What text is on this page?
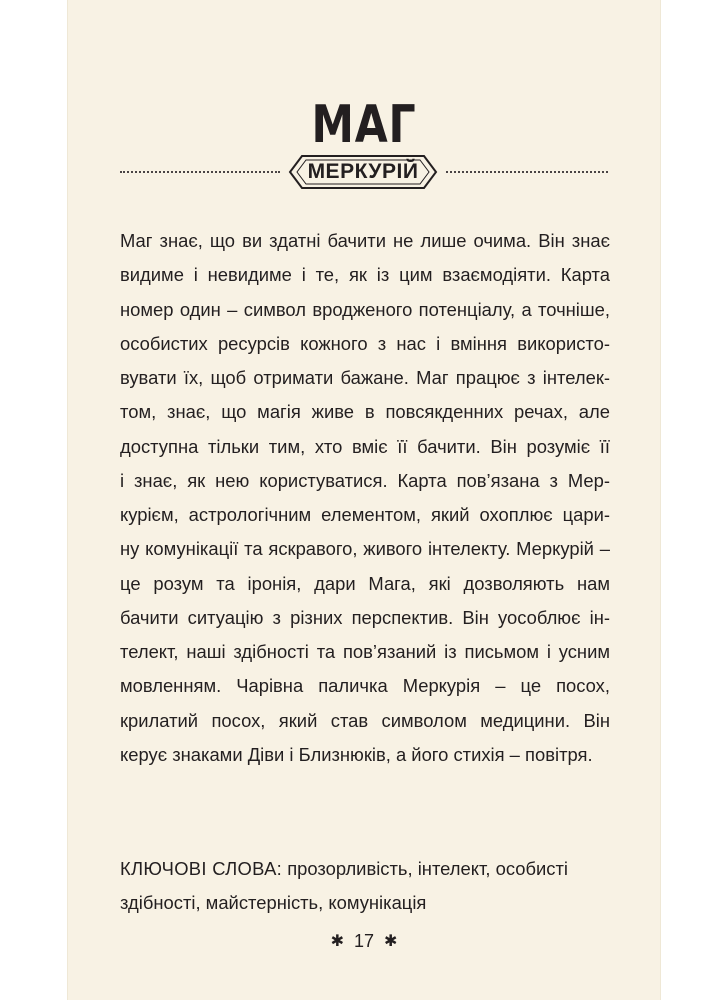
МАГ
МЕРКУРІЙ

Маг знає, що ви здатні бачити не лише очима. Він знає
видиме і невидиме і те, як із цим взаємодіяти. Карта
номер один – символ вродженого потенціалу, а точніше,
особистих ресурсів кожного з нас і вміння використо-
вувати їх, щоб отримати бажане. Маг працює з інтелек-
том, знає, що магія живе в повсякденних речах, але
доступна тільки тим, хто вміє її бачити. Він розуміє її
і знає, як нею користуватися. Карта пов’язана з Мер-
курієм, астрологічним елементом, який охоплює цари-
ну комунікації та яскравого, живого інтелекту. Меркурій –
це розум та іронія, дари Мага, які дозволяють нам
бачити ситуацію з різних перспектив. Він уособлює ін-
телект, наші здібності та пов’язаний із письмом і усним
мовленням. Чарівна паличка Меркурія – це посох,
крилатий посох, який став символом медицини. Він
керує знаками Діви і Близнюків, а його стихія – повітря.

КЛЮЧОВІ СЛОВА: прозорливість, інтелект, особисті
здібності, майстерність, комунікація
✱ 17 ✱
